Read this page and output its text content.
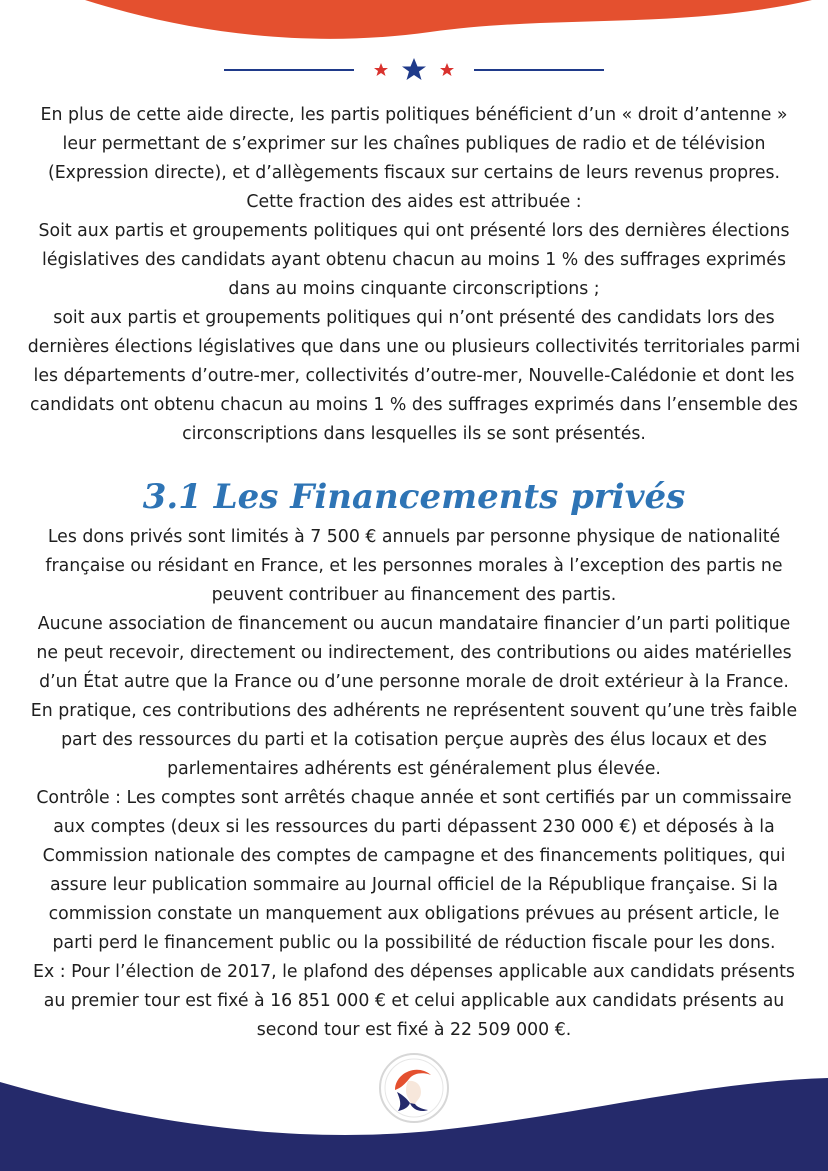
En plus de cette aide directe, les partis politiques bénéficient d’un « droit d’antenne »
leur permettant de s’exprimer sur les chaînes publiques de radio et de télévision
(Expression directe), et d’allègements fiscaux sur certains de leurs revenus propres.
Cette fraction des aides est attribuée :
Soit aux partis et groupements politiques qui ont présenté lors des dernières élections
législatives des candidats ayant obtenu chacun au moins 1 % des suffrages exprimés
dans au moins cinquante circonscriptions ;
soit aux partis et groupements politiques qui n’ont présenté des candidats lors des
dernières élections législatives que dans une ou plusieurs collectivités territoriales parmi
les départements d’outre-mer, collectivités d’outre-mer, Nouvelle-Calédonie et dont les
candidats ont obtenu chacun au moins 1 % des suffrages exprimés dans l’ensemble des
circonscriptions dans lesquelles ils se sont présentés.
3.1 Les Financements privés
Les dons privés sont limités à 7 500 € annuels par personne physique de nationalité
française ou résidant en France, et les personnes morales à l’exception des partis ne
peuvent contribuer au financement des partis.
Aucune association de financement ou aucun mandataire financier d’un parti politique
ne peut recevoir, directement ou indirectement, des contributions ou aides matérielles
d’un État autre que la France ou d’une personne morale de droit extérieur à la France.
En pratique, ces contributions des adhérents ne représentent souvent qu’une très faible
part des ressources du parti et la cotisation perçue auprès des élus locaux et des
parlementaires adhérents est généralement plus élevée.
Contrôle : Les comptes sont arrêtés chaque année et sont certifiés par un commissaire
aux comptes (deux si les ressources du parti dépassent 230 000 €) et déposés à la
Commission nationale des comptes de campagne et des financements politiques, qui
assure leur publication sommaire au Journal officiel de la République française. Si la
commission constate un manquement aux obligations prévues au présent article, le
parti perd le financement public ou la possibilité de réduction fiscale pour les dons.
Ex : Pour l’élection de 2017, le plafond des dépenses applicable aux candidats présents
au premier tour est fixé à 16 851 000 € et celui applicable aux candidats présents au
second tour est fixé à 22 509 000 €.
